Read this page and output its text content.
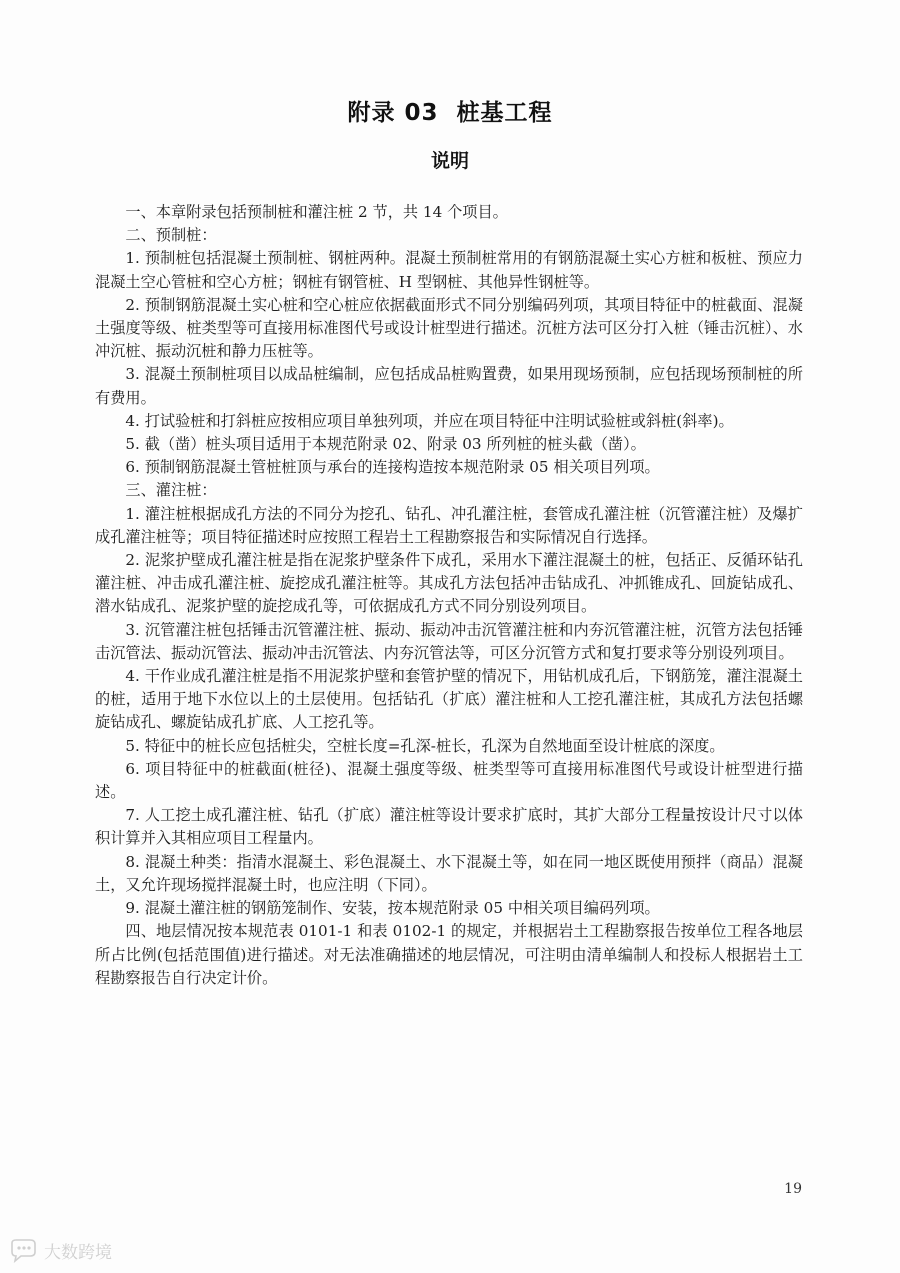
附录 03 桩基工程
说明

一、本章附录包括预制桩和灌注桩 2 节，共 14 个项目。

二、预制桩：

1. 预制桩包括混凝土预制桩、钢桩两种。混凝土预制桩常用的有钢筋混凝土实心方桩和板桩、预应力混凝土空心管桩和空心方桩；钢桩有钢管桩、H 型钢桩、其他异性钢桩等。

2. 预制钢筋混凝土实心桩和空心桩应依据截面形式不同分别编码列项，其项目特征中的桩截面、混凝土强度等级、桩类型等可直接用标准图代号或设计桩型进行描述。沉桩方法可区分打入桩（锤击沉桩）、水冲沉桩、振动沉桩和静力压桩等。

3. 混凝土预制桩项目以成品桩编制，应包括成品桩购置费，如果用现场预制，应包括现场预制桩的所有费用。

4. 打试验桩和打斜桩应按相应项目单独列项，并应在项目特征中注明试验桩或斜桩(斜率)。

5. 截（凿）桩头项目适用于本规范附录 02、附录 03 所列桩的桩头截（凿）。

6. 预制钢筋混凝土管桩桩顶与承台的连接构造按本规范附录 05 相关项目列项。

三、灌注桩：

1. 灌注桩根据成孔方法的不同分为挖孔、钻孔、冲孔灌注桩，套管成孔灌注桩（沉管灌注桩）及爆扩成孔灌注桩等；项目特征描述时应按照工程岩土工程勘察报告和实际情况自行选择。

2. 泥浆护壁成孔灌注桩是指在泥浆护壁条件下成孔，采用水下灌注混凝土的桩，包括正、反循环钻孔灌注桩、冲击成孔灌注桩、旋挖成孔灌注桩等。其成孔方法包括冲击钻成孔、冲抓锥成孔、回旋钻成孔、潜水钻成孔、泥浆护壁的旋挖成孔等，可依据成孔方式不同分别设列项目。

3. 沉管灌注桩包括锤击沉管灌注桩、振动、振动冲击沉管灌注桩和内夯沉管灌注桩，沉管方法包括锤击沉管法、振动沉管法、振动冲击沉管法、内夯沉管法等，可区分沉管方式和复打要求等分别设列项目。

4. 干作业成孔灌注桩是指不用泥浆护壁和套管护壁的情况下，用钻机成孔后，下钢筋笼，灌注混凝土的桩，适用于地下水位以上的土层使用。包括钻孔（扩底）灌注桩和人工挖孔灌注桩，其成孔方法包括螺旋钻成孔、螺旋钻成孔扩底、人工挖孔等。

5. 特征中的桩长应包括桩尖，空桩长度=孔深-桩长，孔深为自然地面至设计桩底的深度。

6. 项目特征中的桩截面(桩径)、混凝土强度等级、桩类型等可直接用标准图代号或设计桩型进行描述。

7. 人工挖土成孔灌注桩、钻孔（扩底）灌注桩等设计要求扩底时，其扩大部分工程量按设计尺寸以体积计算并入其相应项目工程量内。

8. 混凝土种类：指清水混凝土、彩色混凝土、水下混凝土等，如在同一地区既使用预拌（商品）混凝土，又允许现场搅拌混凝土时，也应注明（下同）。

9. 混凝土灌注桩的钢筋笼制作、安装，按本规范附录 05 中相关项目编码列项。

四、地层情况按本规范表 0101-1 和表 0102-1 的规定，并根据岩土工程勘察报告按单位工程各地层所占比例(包括范围值)进行描述。对无法准确描述的地层情况，可注明由清单编制人和投标人根据岩土工程勘察报告自行决定计价。

19
大数跨境
